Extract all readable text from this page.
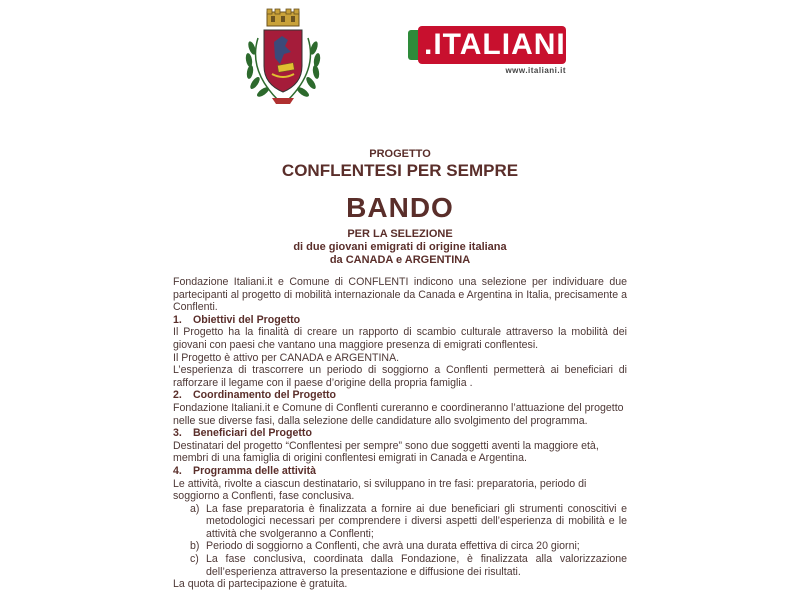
.ITALIANI
www.italiani.it
PROGETTO
CONFLENTESI PER SEMPRE
BANDO
PER LA SELEZIONE
di due giovani emigrati di origine italiana
da CANADA e ARGENTINA

Fondazione Italiani.it e Comune di CONFLENTI indicono una selezione per individuare due partecipanti al progetto di mobilità internazionale da Canada e Argentina in Italia, precisamente a Conflenti.

1. Obiettivi del Progetto

Il Progetto ha la finalità di creare un rapporto di scambio culturale attraverso la mobilità dei giovani con paesi che vantano una maggiore presenza di emigrati conflentesi.

Il Progetto è attivo per CANADA e ARGENTINA.

L’esperienza di trascorrere un periodo di soggiorno a Conflenti permetterà ai beneficiari di rafforzare il legame con il paese d’origine della propria famiglia .

2. Coordinamento del Progetto

Fondazione Italiani.it e Comune di Conflenti cureranno e coordineranno l’attuazione del progetto nelle sue diverse fasi, dalla selezione delle candidature allo svolgimento del programma.

3. Beneficiari del Progetto

Destinatari del progetto “Conflentesi per sempre” sono due soggetti aventi la maggiore età, membri di una famiglia di origini conflentesi emigrati in Canada e Argentina.

4. Programma delle attività

Le attività, rivolte a ciascun destinatario, si sviluppano in tre fasi: preparatoria, periodo di soggiorno a Conflenti, fase conclusiva.

a) La fase preparatoria è finalizzata a fornire ai due beneficiari gli strumenti conoscitivi e metodologici necessari per comprendere i diversi aspetti dell’esperienza di mobilità e le attività che svolgeranno a Conflenti;
b) Periodo di soggiorno a Conflenti, che avrà una durata effettiva di circa 20 giorni;
c) La fase conclusiva, coordinata dalla Fondazione, è finalizzata alla valorizzazione dell’esperienza attraverso la presentazione e diffusione dei risultati.

La quota di partecipazione è gratuita.
